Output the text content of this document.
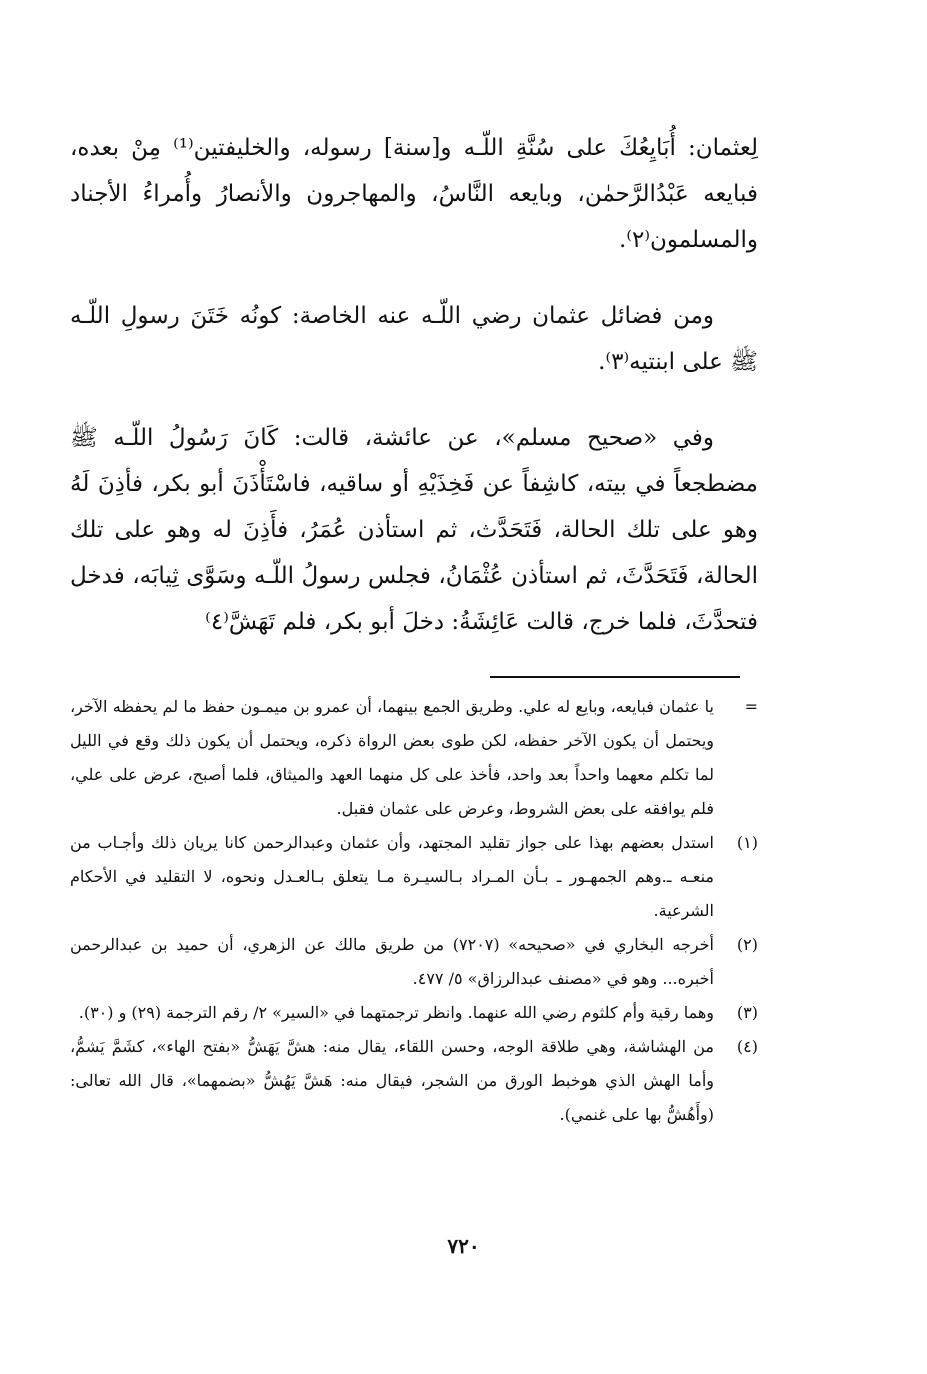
لِعثمان: أُبَايِعُكَ على سُنَّةِ اللّـه و[سنة] رسوله، والخليفتين⁽¹⁾ مِنْ بعده، فبايعه عَبْدُالرَّحمٰن، وبايعه النَّاسُ، والمهاجرون والأنصارُ وأُمراءُ الأجناد والمسلمون⁽٢⁾.

ومن فضائل عثمان رضي اللّـه عنه الخاصة: كونُه خَتَنَ رسولِ اللّـه ﷺ على ابنتيه⁽٣⁾.

وفي «صحيح مسلم»، عن عائشة، قالت: كَانَ رَسُولُ اللّـه ﷺ مضطجعاً في بيته، كاشِفاً عن فَخِذَيْهِ أو ساقيه، فاسْتَأْذَنَ أبو بكر، فأذِنَ لَهُ وهو على تلك الحالة، فَتَحَدَّث، ثم استأذن عُمَرُ، فأَذِنَ له وهو على تلك الحالة، فَتَحَدَّثَ، ثم استأذن عُثْمَانُ، فجلس رسولُ اللّـه وسَوَّى ثِيابَه، فدخل فتحدَّثَ، فلما خرج، قالت عَائِشَةُ: دخلَ أبو بكر، فلم تَهَشَّ⁽٤⁾

=
يا عثمان فبايعه، وبايع له علي. وطريق الجمع بينهما، أن عمرو بن ميمـون حفظ ما لم يحفظه الآخر، ويحتمل أن يكون الآخر حفظه، لكن طوى بعض الرواة ذكره، ويحتمل أن يكون ذلك وقع في الليل لما تكلم معهما واحداً بعد واحد، فأخذ على كل منهما العهد والميثاق، فلما أصبح، عرض على علي، فلم يوافقه على بعض الشروط، وعرض على عثمان فقبل.
(١)
استدل بعضهم بهذا على جواز تقليد المجتهد، وأن عثمان وعبدالرحمن كانا يريان ذلك وأجـاب من منعـه ـ.وهم الجمهـور ـ بـأن المـراد بـالسيـرة مـا يتعلق بـالعـدل ونحوه، لا التقليد في الأحكام الشرعية.
(٢)
أخرجه البخاري في «صحيحه» (٧٢٠٧) من طريق مالك عن الزهري، أن حميد بن عبدالرحمن أخبره... وهو في «مصنف عبدالرزاق» ٥/ ٤٧٧.
(٣)
وهما رقية وأم كلثوم رضي الله عنهما. وانظر ترجمتهما في «السير» ٢/ رقم الترجمة (٢٩) و (٣٠).
(٤)
من الهشاشة، وهي طلاقة الوجه، وحسن اللقاء، يقال منه: هشَّ يَهَشُّ «بفتح الهاء»، كشَمَّ يَشمُّ، وأما الهش الذي هوخبط الورق من الشجر، فيقال منه: هَشَّ يَهُشُّ «بضمهما»، قال الله تعالى: (وأَهُشُّ بها على غنمي).
٧٢٠
